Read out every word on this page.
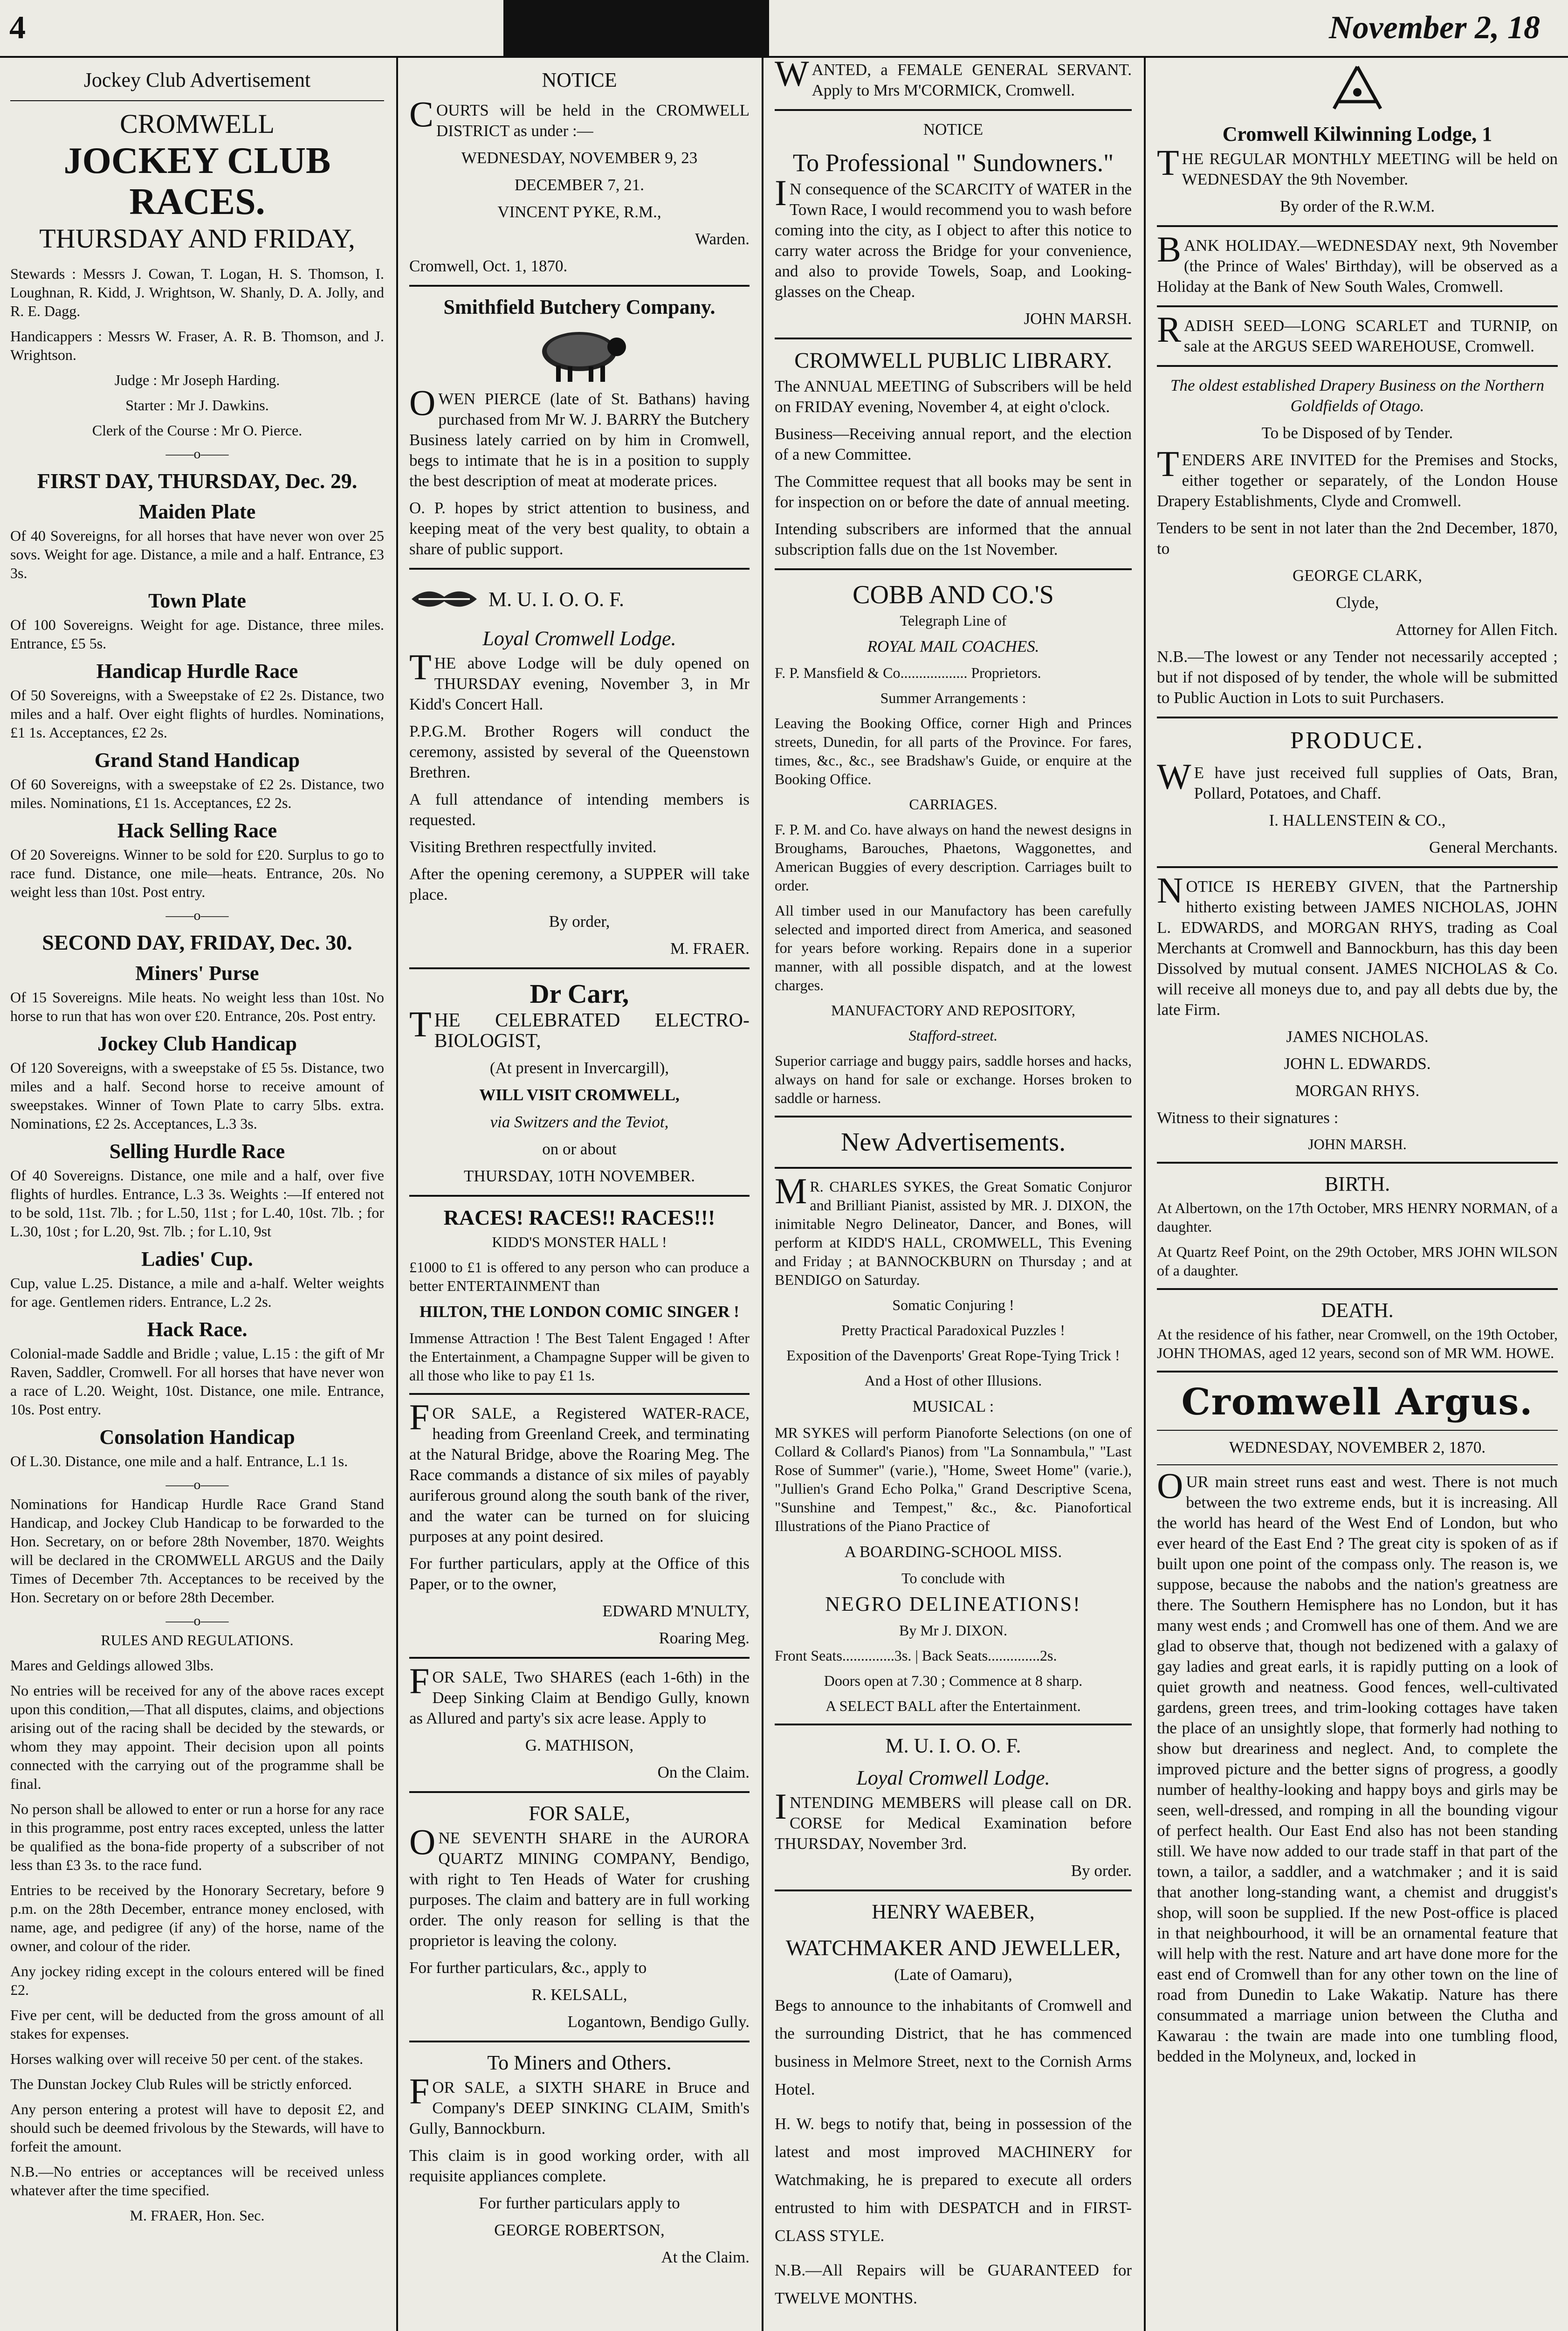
4	November 2, 18
Jockey Club Advertisement
CROMWELL
JOCKEY CLUB RACES.
THURSDAY AND FRIDAY,

Stewards : Messrs J. Cowan, T. Logan, H. S. Thomson, I. Loughnan, R. Kidd, J. Wrightson, W. Shanly, D. A. Jolly, and R. E. Dagg.

Handicappers : Messrs W. Fraser, A. R. B. Thomson, and J. Wrightson.

Judge : Mr Joseph Harding.

Starter : Mr J. Dawkins.

Clerk of the Course : Mr O. Pierce.

——o——
FIRST DAY, THURSDAY, Dec. 29.
Maiden Plate

Of 40 Sovereigns, for all horses that have never won over 25 sovs. Weight for age. Distance, a mile and a half. Entrance, £3 3s.

Town Plate

Of 100 Sovereigns. Weight for age. Distance, three miles. Entrance, £5 5s.

Handicap Hurdle Race

Of 50 Sovereigns, with a Sweepstake of £2 2s. Distance, two miles and a half. Over eight flights of hurdles. Nominations, £1 1s. Acceptances, £2 2s.

Grand Stand Handicap

Of 60 Sovereigns, with a sweepstake of £2 2s. Distance, two miles. Nominations, £1 1s. Acceptances, £2 2s.

Hack Selling Race

Of 20 Sovereigns. Winner to be sold for £20. Surplus to go to race fund. Distance, one mile—heats. Entrance, 20s. No weight less than 10st. Post entry.

——o——
SECOND DAY, FRIDAY, Dec. 30.
Miners' Purse

Of 15 Sovereigns. Mile heats. No weight less than 10st. No horse to run that has won over £20. Entrance, 20s. Post entry.

Jockey Club Handicap

Of 120 Sovereigns, with a sweepstake of £5 5s. Distance, two miles and a half. Second horse to receive amount of sweepstakes. Winner of Town Plate to carry 5lbs. extra. Nominations, £2 2s. Acceptances, L.3 3s.

Selling Hurdle Race

Of 40 Sovereigns. Distance, one mile and a half, over five flights of hurdles. Entrance, L.3 3s. Weights :—If entered not to be sold, 11st. 7lb. ; for L.50, 11st ; for L.40, 10st. 7lb. ; for L.30, 10st ; for L.20, 9st. 7lb. ; for L.10, 9st

Ladies' Cup.

Cup, value L.25. Distance, a mile and a-half. Welter weights for age. Gentlemen riders. Entrance, L.2 2s.

Hack Race.

Colonial-made Saddle and Bridle ; value, L.15 : the gift of Mr Raven, Saddler, Cromwell. For all horses that have never won a race of L.20. Weight, 10st. Distance, one mile. Entrance, 10s. Post entry.

Consolation Handicap

Of L.30. Distance, one mile and a half. Entrance, L.1 1s.

——o——

Nominations for Handicap Hurdle Race Grand Stand Handicap, and Jockey Club Handicap to be forwarded to the Hon. Secretary, on or before 28th November, 1870. Weights will be declared in the CROMWELL ARGUS and the Daily Times of December 7th. Acceptances to be received by the Hon. Secretary on or before 28th December.

——o——

RULES AND REGULATIONS.

Mares and Geldings allowed 3lbs.

No entries will be received for any of the above races except upon this condition,—That all disputes, claims, and objections arising out of the racing shall be decided by the stewards, or whom they may appoint. Their decision upon all points connected with the carrying out of the programme shall be final.

No person shall be allowed to enter or run a horse for any race in this programme, post entry races excepted, unless the latter be qualified as the bona-fide property of a subscriber of not less than £3 3s. to the race fund.

Entries to be received by the Honorary Secretary, before 9 p.m. on the 28th December, entrance money enclosed, with name, age, and pedigree (if any) of the horse, name of the owner, and colour of the rider.

Any jockey riding except in the colours entered will be fined £2.

Five per cent, will be deducted from the gross amount of all stakes for expenses.

Horses walking over will receive 50 per cent. of the stakes.

The Dunstan Jockey Club Rules will be strictly enforced.

Any person entering a protest will have to deposit £2, and should such be deemed frivolous by the Stewards, will have to forfeit the amount.

N.B.—No entries or acceptances will be received unless whatever after the time specified.

M. FRAER, Hon. Sec.

NOTICE

COURTS will be held in the CROMWELL DISTRICT as under :—

WEDNESDAY, NOVEMBER 9, 23

DECEMBER 7, 21.

VINCENT PYKE, R.M.,

Warden.

Cromwell, Oct. 1, 1870.

Smithfield Butchery Company.

OWEN PIERCE (late of St. Bathans) having purchased from Mr W. J. BARRY the Butchery Business lately carried on by him in Cromwell, begs to intimate that he is in a position to supply the best description of meat at moderate prices.

O. P. hopes by strict attention to business, and keeping meat of the very best quality, to obtain a share of public support.

M. U. I. O. O. F.
Loyal Cromwell Lodge.

THE above Lodge will be duly opened on THURSDAY evening, November 3, in Mr Kidd's Concert Hall.

P.P.G.M. Brother Rogers will conduct the ceremony, assisted by several of the Queenstown Brethren.

A full attendance of intending members is requested.

Visiting Brethren respectfully invited.

After the opening ceremony, a SUPPER will take place.

By order,

M. FRAER.

Dr Carr,

THE CELEBRATED ELECTRO-BIOLOGIST,

(At present in Invercargill),

WILL VISIT CROMWELL,

via Switzers and the Teviot,

on or about

THURSDAY, 10TH NOVEMBER.

RACES! RACES!! RACES!!!

KIDD'S MONSTER HALL !

£1000 to £1 is offered to any person who can produce a better ENTERTAINMENT than

HILTON, THE LONDON COMIC SINGER !

Immense Attraction ! The Best Talent Engaged ! After the Entertainment, a Champagne Supper will be given to all those who like to pay £1 1s.

FOR SALE, a Registered WATER-RACE, heading from Greenland Creek, and terminating at the Natural Bridge, above the Roaring Meg. The Race commands a distance of six miles of payably auriferous ground along the south bank of the river, and the water can be turned on for sluicing purposes at any point desired.

For further particulars, apply at the Office of this Paper, or to the owner,

EDWARD M'NULTY,

Roaring Meg.

FOR SALE, Two SHARES (each 1-6th) in the Deep Sinking Claim at Bendigo Gully, known as Allured and party's six acre lease. Apply to

G. MATHISON,

On the Claim.

FOR SALE,

ONE SEVENTH SHARE in the AURORA QUARTZ MINING COMPANY, Bendigo, with right to Ten Heads of Water for crushing purposes. The claim and battery are in full working order. The only reason for selling is that the proprietor is leaving the colony.

For further particulars, &c., apply to

R. KELSALL,

Logantown, Bendigo Gully.

To Miners and Others.

FOR SALE, a SIXTH SHARE in Bruce and Company's DEEP SINKING CLAIM, Smith's Gully, Bannockburn.

This claim is in good working order, with all requisite appliances complete.

For further particulars apply to

GEORGE ROBERTSON,

At the Claim.

WANTED, a FEMALE GENERAL SERVANT. Apply to Mrs M'CORMICK, Cromwell.

NOTICE

To Professional " Sundowners."

IN consequence of the SCARCITY of WATER in the Town Race, I would recommend you to wash before coming into the city, as I object to after this notice to carry water across the Bridge for your convenience, and also to provide Towels, Soap, and Looking-glasses on the Cheap.

JOHN MARSH.

CROMWELL PUBLIC LIBRARY.

The ANNUAL MEETING of Subscribers will be held on FRIDAY evening, November 4, at eight o'clock.

Business—Receiving annual report, and the election of a new Committee.

The Committee request that all books may be sent in for inspection on or before the date of annual meeting.

Intending subscribers are informed that the annual subscription falls due on the 1st November.

COBB AND CO.'S

Telegraph Line of

ROYAL MAIL COACHES.

F. P. Mansfield & Co.................. Proprietors.

Summer Arrangements :

Leaving the Booking Office, corner High and Princes streets, Dunedin, for all parts of the Province. For fares, times, &c., &c., see Bradshaw's Guide, or enquire at the Booking Office.

CARRIAGES.

F. P. M. and Co. have always on hand the newest designs in Broughams, Barouches, Phaetons, Waggonettes, and American Buggies of every description. Carriages built to order.

All timber used in our Manufactory has been carefully selected and imported direct from America, and seasoned for years before working. Repairs done in a superior manner, with all possible dispatch, and at the lowest charges.

MANUFACTORY AND REPOSITORY,

Stafford-street.

Superior carriage and buggy pairs, saddle horses and hacks, always on hand for sale or exchange. Horses broken to saddle or harness.

New Advertisements.

MR. CHARLES SYKES, the Great Somatic Conjuror and Brilliant Pianist, assisted by MR. J. DIXON, the inimitable Negro Delineator, Dancer, and Bones, will perform at KIDD'S HALL, CROMWELL, This Evening and Friday ; at BANNOCKBURN on Thursday ; and at BENDIGO on Saturday.

Somatic Conjuring !

Pretty Practical Paradoxical Puzzles !

Exposition of the Davenports' Great Rope-Tying Trick !

And a Host of other Illusions.

MUSICAL :

MR SYKES will perform Pianoforte Selections (on one of Collard & Collard's Pianos) from "La Sonnambula," "Last Rose of Summer" (varie.), "Home, Sweet Home" (varie.), "Jullien's Grand Echo Polka," Grand Descriptive Scena, "Sunshine and Tempest," &c., &c. Pianofortical Illustrations of the Piano Practice of

A BOARDING-SCHOOL MISS.

To conclude with

NEGRO DELINEATIONS!

By Mr J. DIXON.

Front Seats..............3s. | Back Seats..............2s.

Doors open at 7.30 ; Commence at 8 sharp.

A SELECT BALL after the Entertainment.

M. U. I. O. O. F.
Loyal Cromwell Lodge.

INTENDING MEMBERS will please call on DR. CORSE for Medical Examination before THURSDAY, November 3rd.

By order.

HENRY WAEBER,
WATCHMAKER AND JEWELLER,

(Late of Oamaru),

Begs to announce to the inhabitants of Cromwell and the surrounding District, that he has commenced business in Melmore Street, next to the Cornish Arms Hotel.

H. W. begs to notify that, being in possession of the latest and most improved MACHINERY for Watchmaking, he is prepared to execute all orders entrusted to him with DESPATCH and in FIRST-CLASS STYLE.

N.B.—All Repairs will be GUARANTEED for TWELVE MONTHS.

Cromwell Kilwinning Lodge, 1

THE REGULAR MONTHLY MEETING will be held on WEDNESDAY the 9th November.

By order of the R.W.M.

BANK HOLIDAY.—WEDNESDAY next, 9th November (the Prince of Wales' Birthday), will be observed as a Holiday at the Bank of New South Wales, Cromwell.

RADISH SEED—LONG SCARLET and TURNIP, on sale at the ARGUS SEED WAREHOUSE, Cromwell.

The oldest established Drapery Business on the Northern Goldfields of Otago.

To be Disposed of by Tender.

TENDERS ARE INVITED for the Premises and Stocks, either together or separately, of the London House Drapery Establishments, Clyde and Cromwell.

Tenders to be sent in not later than the 2nd December, 1870, to

GEORGE CLARK,

Clyde,

Attorney for Allen Fitch.

N.B.—The lowest or any Tender not necessarily accepted ; but if not disposed of by tender, the whole will be submitted to Public Auction in Lots to suit Purchasers.

PRODUCE.

WE have just received full supplies of Oats, Bran, Pollard, Potatoes, and Chaff.

I. HALLENSTEIN & CO.,

General Merchants.

NOTICE IS HEREBY GIVEN, that the Partnership hitherto existing between JAMES NICHOLAS, JOHN L. EDWARDS, and MORGAN RHYS, trading as Coal Merchants at Cromwell and Bannockburn, has this day been Dissolved by mutual consent. JAMES NICHOLAS & Co. will receive all moneys due to, and pay all debts due by, the late Firm.

JAMES NICHOLAS.

JOHN L. EDWARDS.

MORGAN RHYS.

Witness to their signatures :

JOHN MARSH.

BIRTH.

At Albertown, on the 17th October, MRS HENRY NORMAN, of a daughter.

At Quartz Reef Point, on the 29th October, MRS JOHN WILSON of a daughter.

DEATH.

At the residence of his father, near Cromwell, on the 19th October, JOHN THOMAS, aged 12 years, second son of MR WM. HOWE.

Cromwell Argus.

WEDNESDAY, NOVEMBER 2, 1870.

OUR main street runs east and west. There is not much between the two extreme ends, but it is increasing. All the world has heard of the West End of London, but who ever heard of the East End ? The great city is spoken of as if built upon one point of the compass only. The reason is, we suppose, because the nabobs and the nation's greatness are there. The Southern Hemisphere has no London, but it has many west ends ; and Cromwell has one of them. And we are glad to observe that, though not bedizened with a galaxy of gay ladies and great earls, it is rapidly putting on a look of quiet growth and neatness. Good fences, well-cultivated gardens, green trees, and trim-looking cottages have taken the place of an unsightly slope, that formerly had nothing to show but dreariness and neglect. And, to complete the improved picture and the better signs of progress, a goodly number of healthy-looking and happy boys and girls may be seen, well-dressed, and romping in all the bounding vigour of perfect health. Our East End also has not been standing still. We have now added to our trade staff in that part of the town, a tailor, a saddler, and a watchmaker ; and it is said that another long-standing want, a chemist and druggist's shop, will soon be supplied. If the new Post-office is placed in that neighbourhood, it will be an ornamental feature that will help with the rest. Nature and art have done more for the east end of Cromwell than for any other town on the line of road from Dunedin to Lake Wakatip. Nature has there consummated a marriage union between the Clutha and Kawarau : the twain are made into one tumbling flood, bedded in the Molyneux, and, locked in
